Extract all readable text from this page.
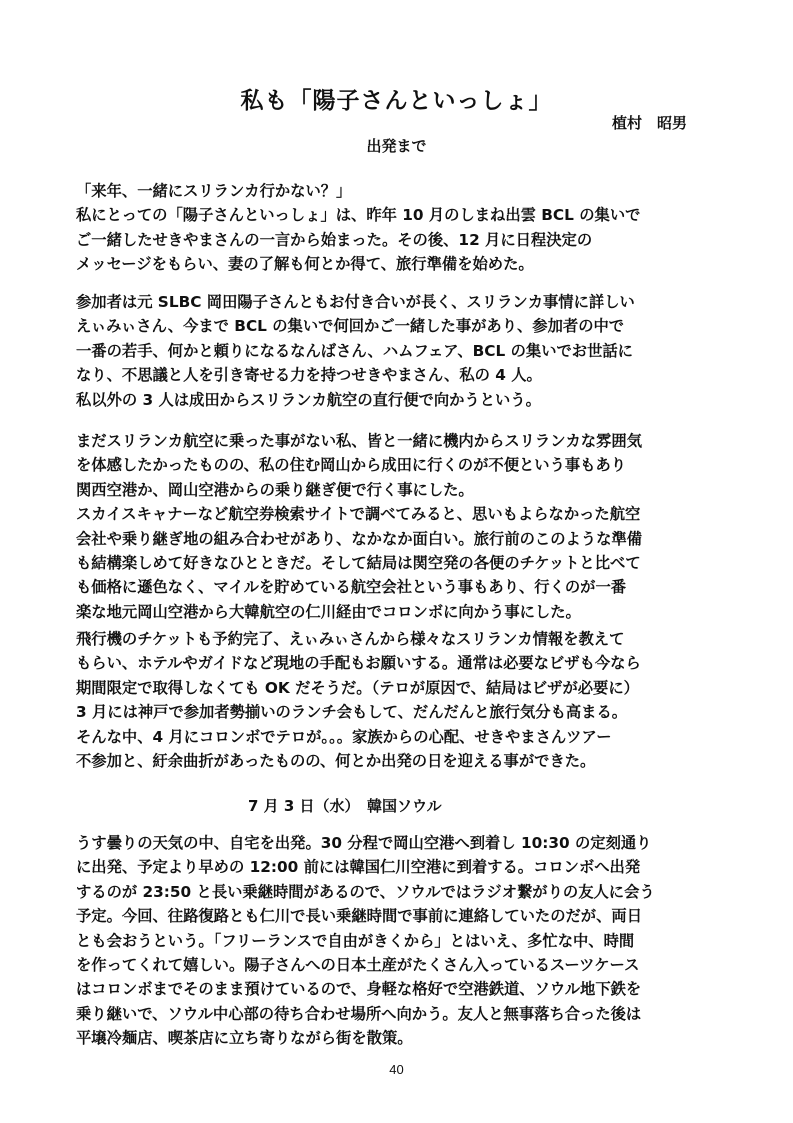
私も「陽子さんといっしょ」
植村　昭男
出発まで
「来年、一緒にスリランカ行かない？」
私にとっての「陽子さんといっしょ」は、昨年 10 月のしまね出雲 BCL の集いで
ご一緒したせきやまさんの一言から始まった。その後、12 月に日程決定の
メッセージをもらい、妻の了解も何とか得て、旅行準備を始めた。
参加者は元 SLBC 岡田陽子さんともお付き合いが長く、スリランカ事情に詳しい
えぃみぃさん、今まで BCL の集いで何回かご一緒した事があり、参加者の中で
一番の若手、何かと頼りになるなんばさん、ハムフェア、BCL の集いでお世話に
なり、不思議と人を引き寄せる力を持つせきやまさん、私の 4 人。
私以外の 3 人は成田からスリランカ航空の直行便で向かうという。
まだスリランカ航空に乗った事がない私、皆と一緒に機内からスリランカな雰囲気
を体感したかったものの、私の住む岡山から成田に行くのが不便という事もあり
関西空港か、岡山空港からの乗り継ぎ便で行く事にした。
スカイスキャナーなど航空券検索サイトで調べてみると、思いもよらなかった航空
会社や乗り継ぎ地の組み合わせがあり、なかなか面白い。旅行前のこのような準備
も結構楽しめて好きなひとときだ。そして結局は関空発の各便のチケットと比べて
も価格に遜色なく、マイルを貯めている航空会社という事もあり、行くのが一番
楽な地元岡山空港から大韓航空の仁川経由でコロンボに向かう事にした。
飛行機のチケットも予約完了、えぃみぃさんから様々なスリランカ情報を教えて
もらい、ホテルやガイドなど現地の手配もお願いする。通常は必要なビザも今なら
期間限定で取得しなくても OK だそうだ。（テロが原因で、結局はビザが必要に）
3 月には神戸で参加者勢揃いのランチ会もして、だんだんと旅行気分も高まる。
そんな中、4 月にコロンボでテロが。。。家族からの心配、せきやまさんツアー
不参加と、紆余曲折があったものの、何とか出発の日を迎える事ができた。
7 月 3 日（水）　韓国ソウル
うす曇りの天気の中、自宅を出発。30 分程で岡山空港へ到着し 10:30 の定刻通り
に出発、予定より早めの 12:00 前には韓国仁川空港に到着する。コロンボへ出発
するのが 23:50 と長い乗継時間があるので、ソウルではラジオ繋がりの友人に会う
予定。今回、往路復路とも仁川で長い乗継時間で事前に連絡していたのだが、両日
とも会おうという。「フリーランスで自由がきくから」とはいえ、多忙な中、時間
を作ってくれて嬉しい。陽子さんへの日本土産がたくさん入っているスーツケース
はコロンボまでそのまま預けているので、身軽な格好で空港鉄道、ソウル地下鉄を
乗り継いで、ソウル中心部の待ち合わせ場所へ向かう。友人と無事落ち合った後は
平壌冷麺店、喫茶店に立ち寄りながら街を散策。
40
